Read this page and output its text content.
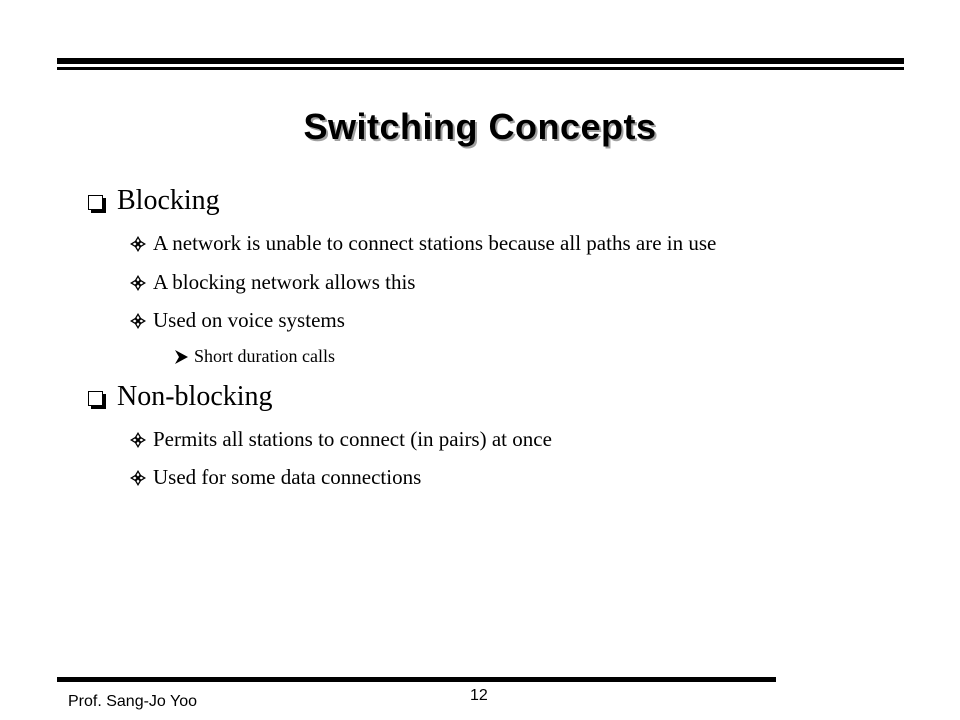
Switching Concepts
Blocking
A network is unable to connect stations because all paths are in use
A blocking network allows this
Used on voice systems
Short duration calls
Non-blocking
Permits all stations to connect (in pairs) at once
Used for some data connections
Prof. Sang-Jo Yoo	12
